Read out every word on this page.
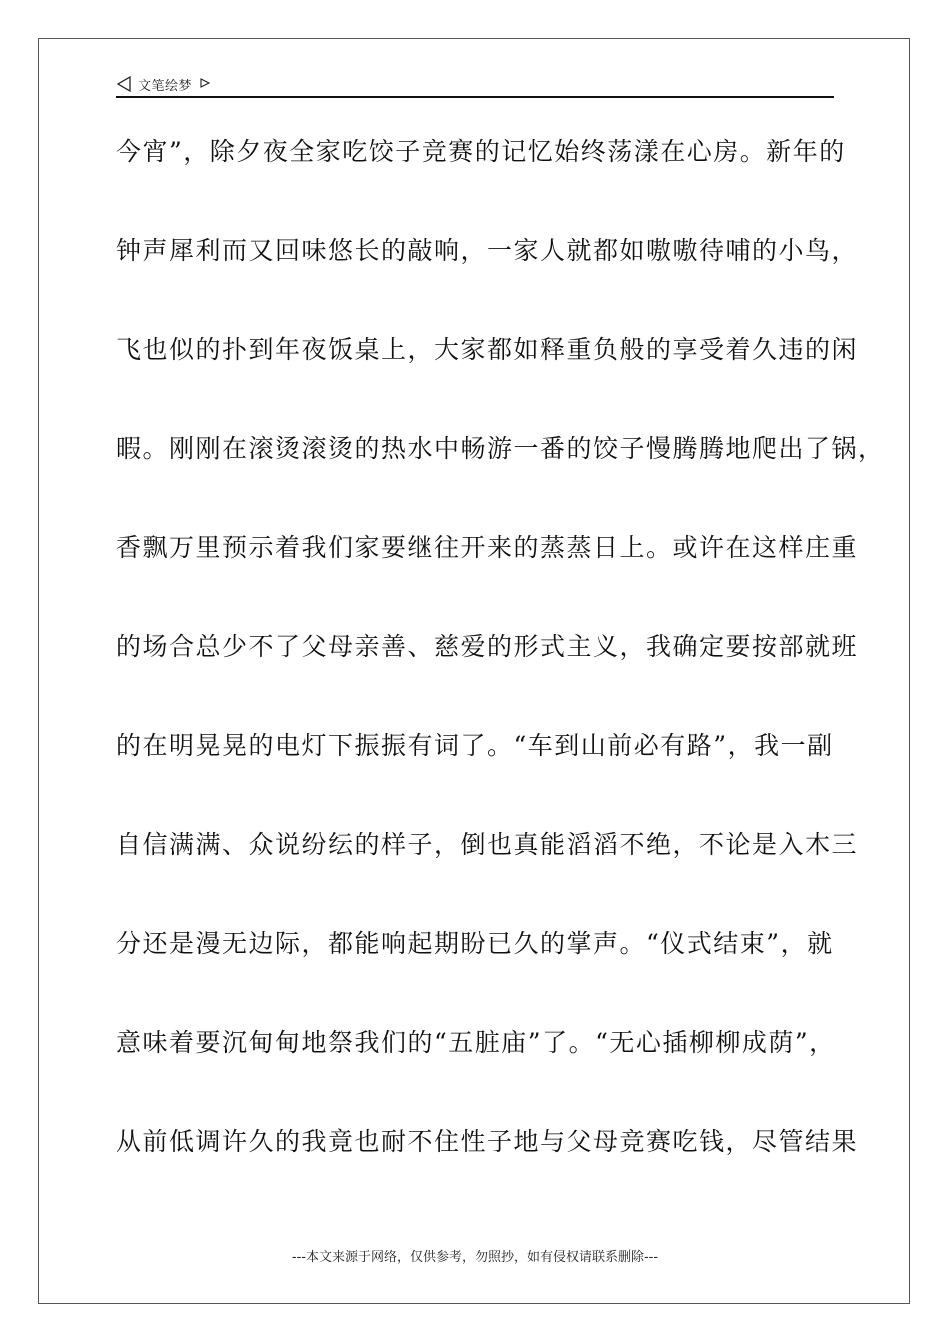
文笔绘梦
今宵”，除夕夜全家吃饺子竞赛的记忆始终荡漾在心房。新年的
钟声犀利而又回味悠长的敲响，一家人就都如嗷嗷待哺的小鸟，
飞也似的扑到年夜饭桌上，大家都如释重负般的享受着久违的闲
暇。刚刚在滚烫滚烫的热水中畅游一番的饺子慢腾腾地爬出了锅，
香飘万里预示着我们家要继往开来的蒸蒸日上。或许在这样庄重
的场合总少不了父母亲善、慈爱的形式主义，我确定要按部就班
的在明晃晃的电灯下振振有词了。“车到山前必有路”，我一副
自信满满、众说纷纭的样子，倒也真能滔滔不绝，不论是入木三
分还是漫无边际，都能响起期盼已久的掌声。“仪式结束”，就
意味着要沉甸甸地祭我们的“五脏庙”了。“无心插柳柳成荫”，
从前低调许久的我竟也耐不住性子地与父母竞赛吃钱，尽管结果
---本文来源于网络，仅供参考，勿照抄，如有侵权请联系删除---
